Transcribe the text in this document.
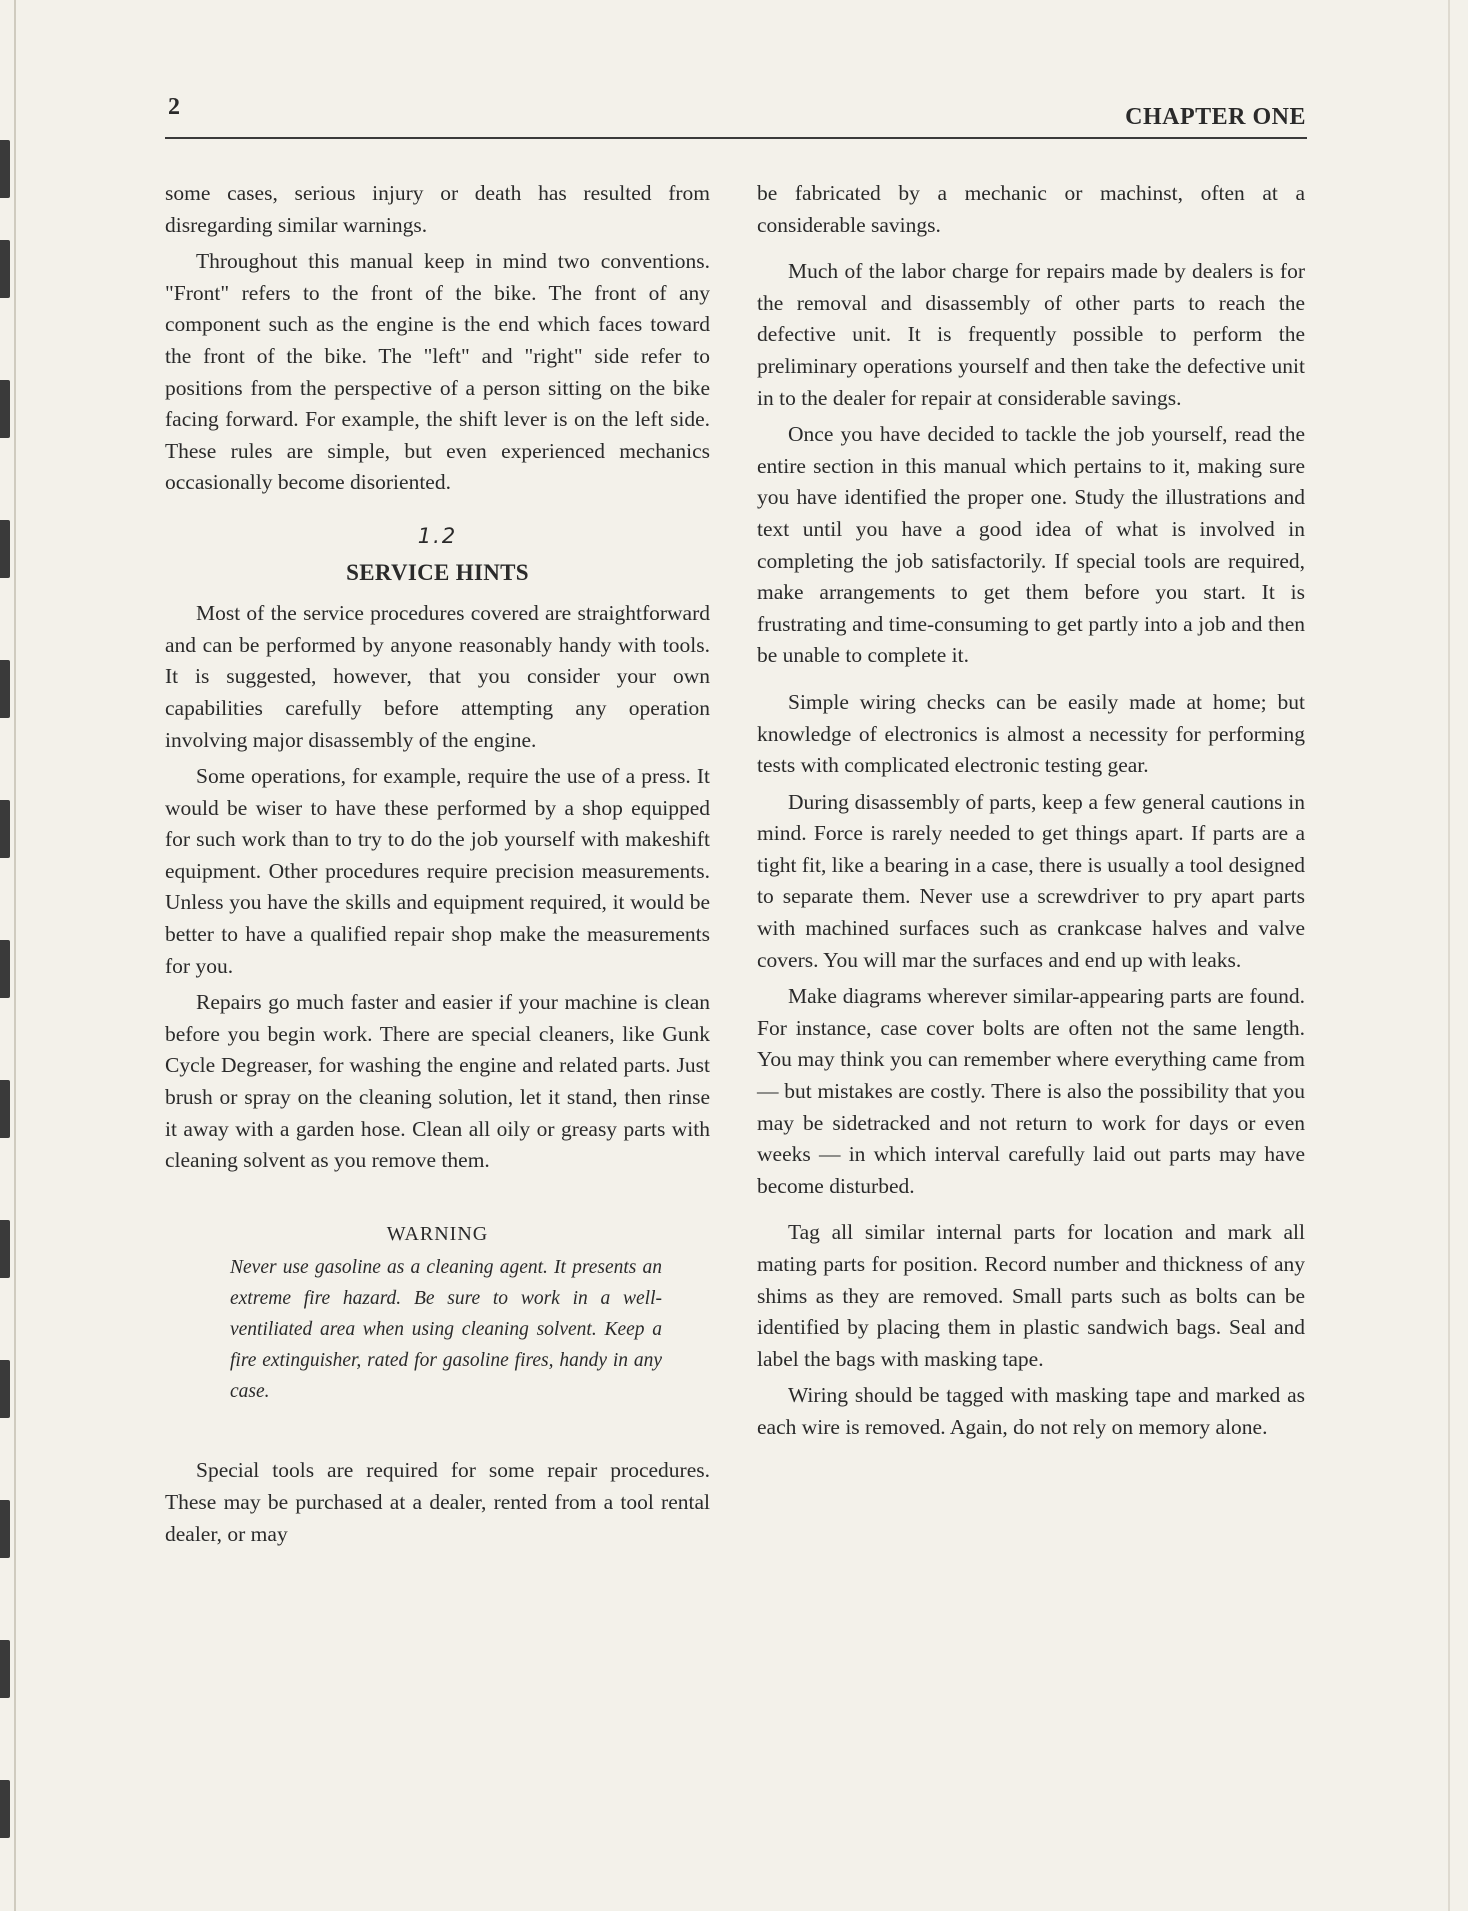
2	CHAPTER ONE

some cases, serious injury or death has resulted from disregarding similar warnings.

Throughout this manual keep in mind two conventions. "Front" refers to the front of the bike. The front of any component such as the engine is the end which faces toward the front of the bike. The "left" and "right" side refer to positions from the perspective of a person sitting on the bike facing forward. For example, the shift lever is on the left side. These rules are simple, but even experienced mechanics occasionally become disoriented.

1.2
SERVICE HINTS

Most of the service procedures covered are straightforward and can be performed by anyone reasonably handy with tools. It is suggested, however, that you consider your own capabilities carefully before attempting any operation involving major disassembly of the engine.

Some operations, for example, require the use of a press. It would be wiser to have these performed by a shop equipped for such work than to try to do the job yourself with makeshift equipment. Other procedures require precision measurements. Unless you have the skills and equipment required, it would be better to have a qualified repair shop make the measurements for you.

Repairs go much faster and easier if your machine is clean before you begin work. There are special cleaners, like Gunk Cycle Degreaser, for washing the engine and related parts. Just brush or spray on the cleaning solution, let it stand, then rinse it away with a garden hose. Clean all oily or greasy parts with cleaning solvent as you remove them.

WARNING
Never use gasoline as a cleaning agent. It presents an extreme fire hazard. Be sure to work in a well-ventiliated area when using cleaning solvent. Keep a fire extinguisher, rated for gasoline fires, handy in any case.

Special tools are required for some repair procedures. These may be purchased at a dealer, rented from a tool rental dealer, or may

be fabricated by a mechanic or machinst, often at a considerable savings.

Much of the labor charge for repairs made by dealers is for the removal and disassembly of other parts to reach the defective unit. It is frequently possible to perform the preliminary operations yourself and then take the defective unit in to the dealer for repair at considerable savings.

Once you have decided to tackle the job yourself, read the entire section in this manual which pertains to it, making sure you have identified the proper one. Study the illustrations and text until you have a good idea of what is involved in completing the job satisfactorily. If special tools are required, make arrangements to get them before you start. It is frustrating and time-consuming to get partly into a job and then be unable to complete it.

Simple wiring checks can be easily made at home; but knowledge of electronics is almost a necessity for performing tests with complicated electronic testing gear.

During disassembly of parts, keep a few general cautions in mind. Force is rarely needed to get things apart. If parts are a tight fit, like a bearing in a case, there is usually a tool designed to separate them. Never use a screwdriver to pry apart parts with machined surfaces such as crankcase halves and valve covers. You will mar the surfaces and end up with leaks.

Make diagrams wherever similar-appearing parts are found. For instance, case cover bolts are often not the same length. You may think you can remember where everything came from — but mistakes are costly. There is also the possibility that you may be sidetracked and not return to work for days or even weeks — in which interval carefully laid out parts may have become disturbed.

Tag all similar internal parts for location and mark all mating parts for position. Record number and thickness of any shims as they are removed. Small parts such as bolts can be identified by placing them in plastic sandwich bags. Seal and label the bags with masking tape.

Wiring should be tagged with masking tape and marked as each wire is removed. Again, do not rely on memory alone.
